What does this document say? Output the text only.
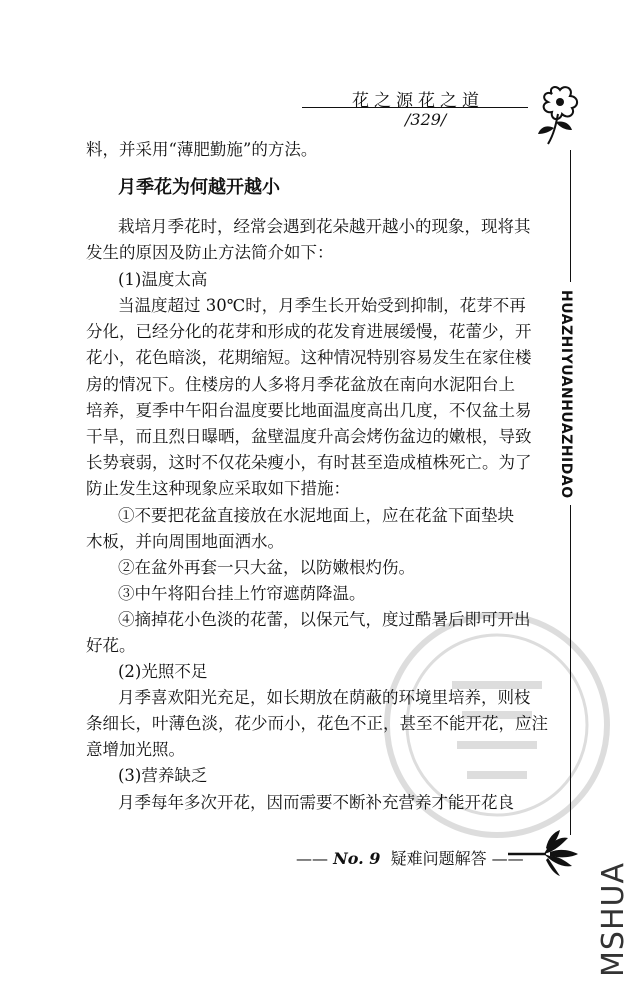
花之源花之道
/329/
HUAZHIYUANHUAZHIDAO
料，并采用“薄肥勤施”的方法。
月季花为何越开越小
栽培月季花时，经常会遇到花朵越开越小的现象，现将其
发生的原因及防止方法简介如下：
(1)温度太高
当温度超过 30℃时，月季生长开始受到抑制，花芽不再
分化，已经分化的花芽和形成的花发育进展缓慢，花蕾少，开
花小，花色暗淡，花期缩短。这种情况特别容易发生在家住楼
房的情况下。住楼房的人多将月季花盆放在南向水泥阳台上
培养，夏季中午阳台温度要比地面温度高出几度，不仅盆土易
干旱，而且烈日曝晒，盆壁温度升高会烤伤盆边的嫩根，导致
长势衰弱，这时不仅花朵瘦小，有时甚至造成植株死亡。为了
防止发生这种现象应采取如下措施：
①不要把花盆直接放在水泥地面上，应在花盆下面垫块
木板，并向周围地面洒水。
②在盆外再套一只大盆，以防嫩根灼伤。
③中午将阳台挂上竹帘遮荫降温。
④摘掉花小色淡的花蕾，以保元气，度过酷暑后即可开出
好花。
(2)光照不足
月季喜欢阳光充足，如长期放在荫蔽的环境里培养，则枝
条细长，叶薄色淡，花少而小，花色不正，甚至不能开花，应注
意增加光照。
(3)营养缺乏
月季每年多次开花，因而需要不断补充营养才能开花良
—— No. 9 疑难问题解答 ——
MSHUA
